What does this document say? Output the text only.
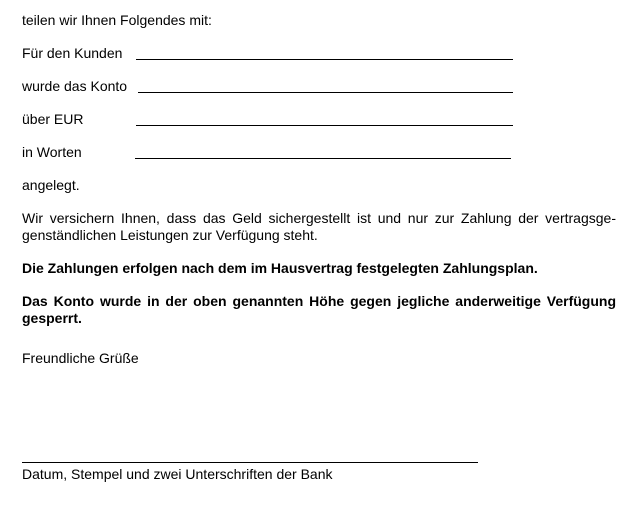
teilen wir Ihnen Folgendes mit:
Für den Kunden
wurde das Konto
über EUR
in Worten
angelegt.
Wir versichern Ihnen, dass das Geld sichergestellt ist und nur zur Zahlung der vertragsge-
genständlichen Leistungen zur Verfügung steht.
Die Zahlungen erfolgen nach dem im Hausvertrag festgelegten Zahlungsplan.
Das Konto wurde in der oben genannten Höhe gegen jegliche anderweitige Verfügung
gesperrt.
Freundliche Grüße
Datum, Stempel und zwei Unterschriften der Bank
